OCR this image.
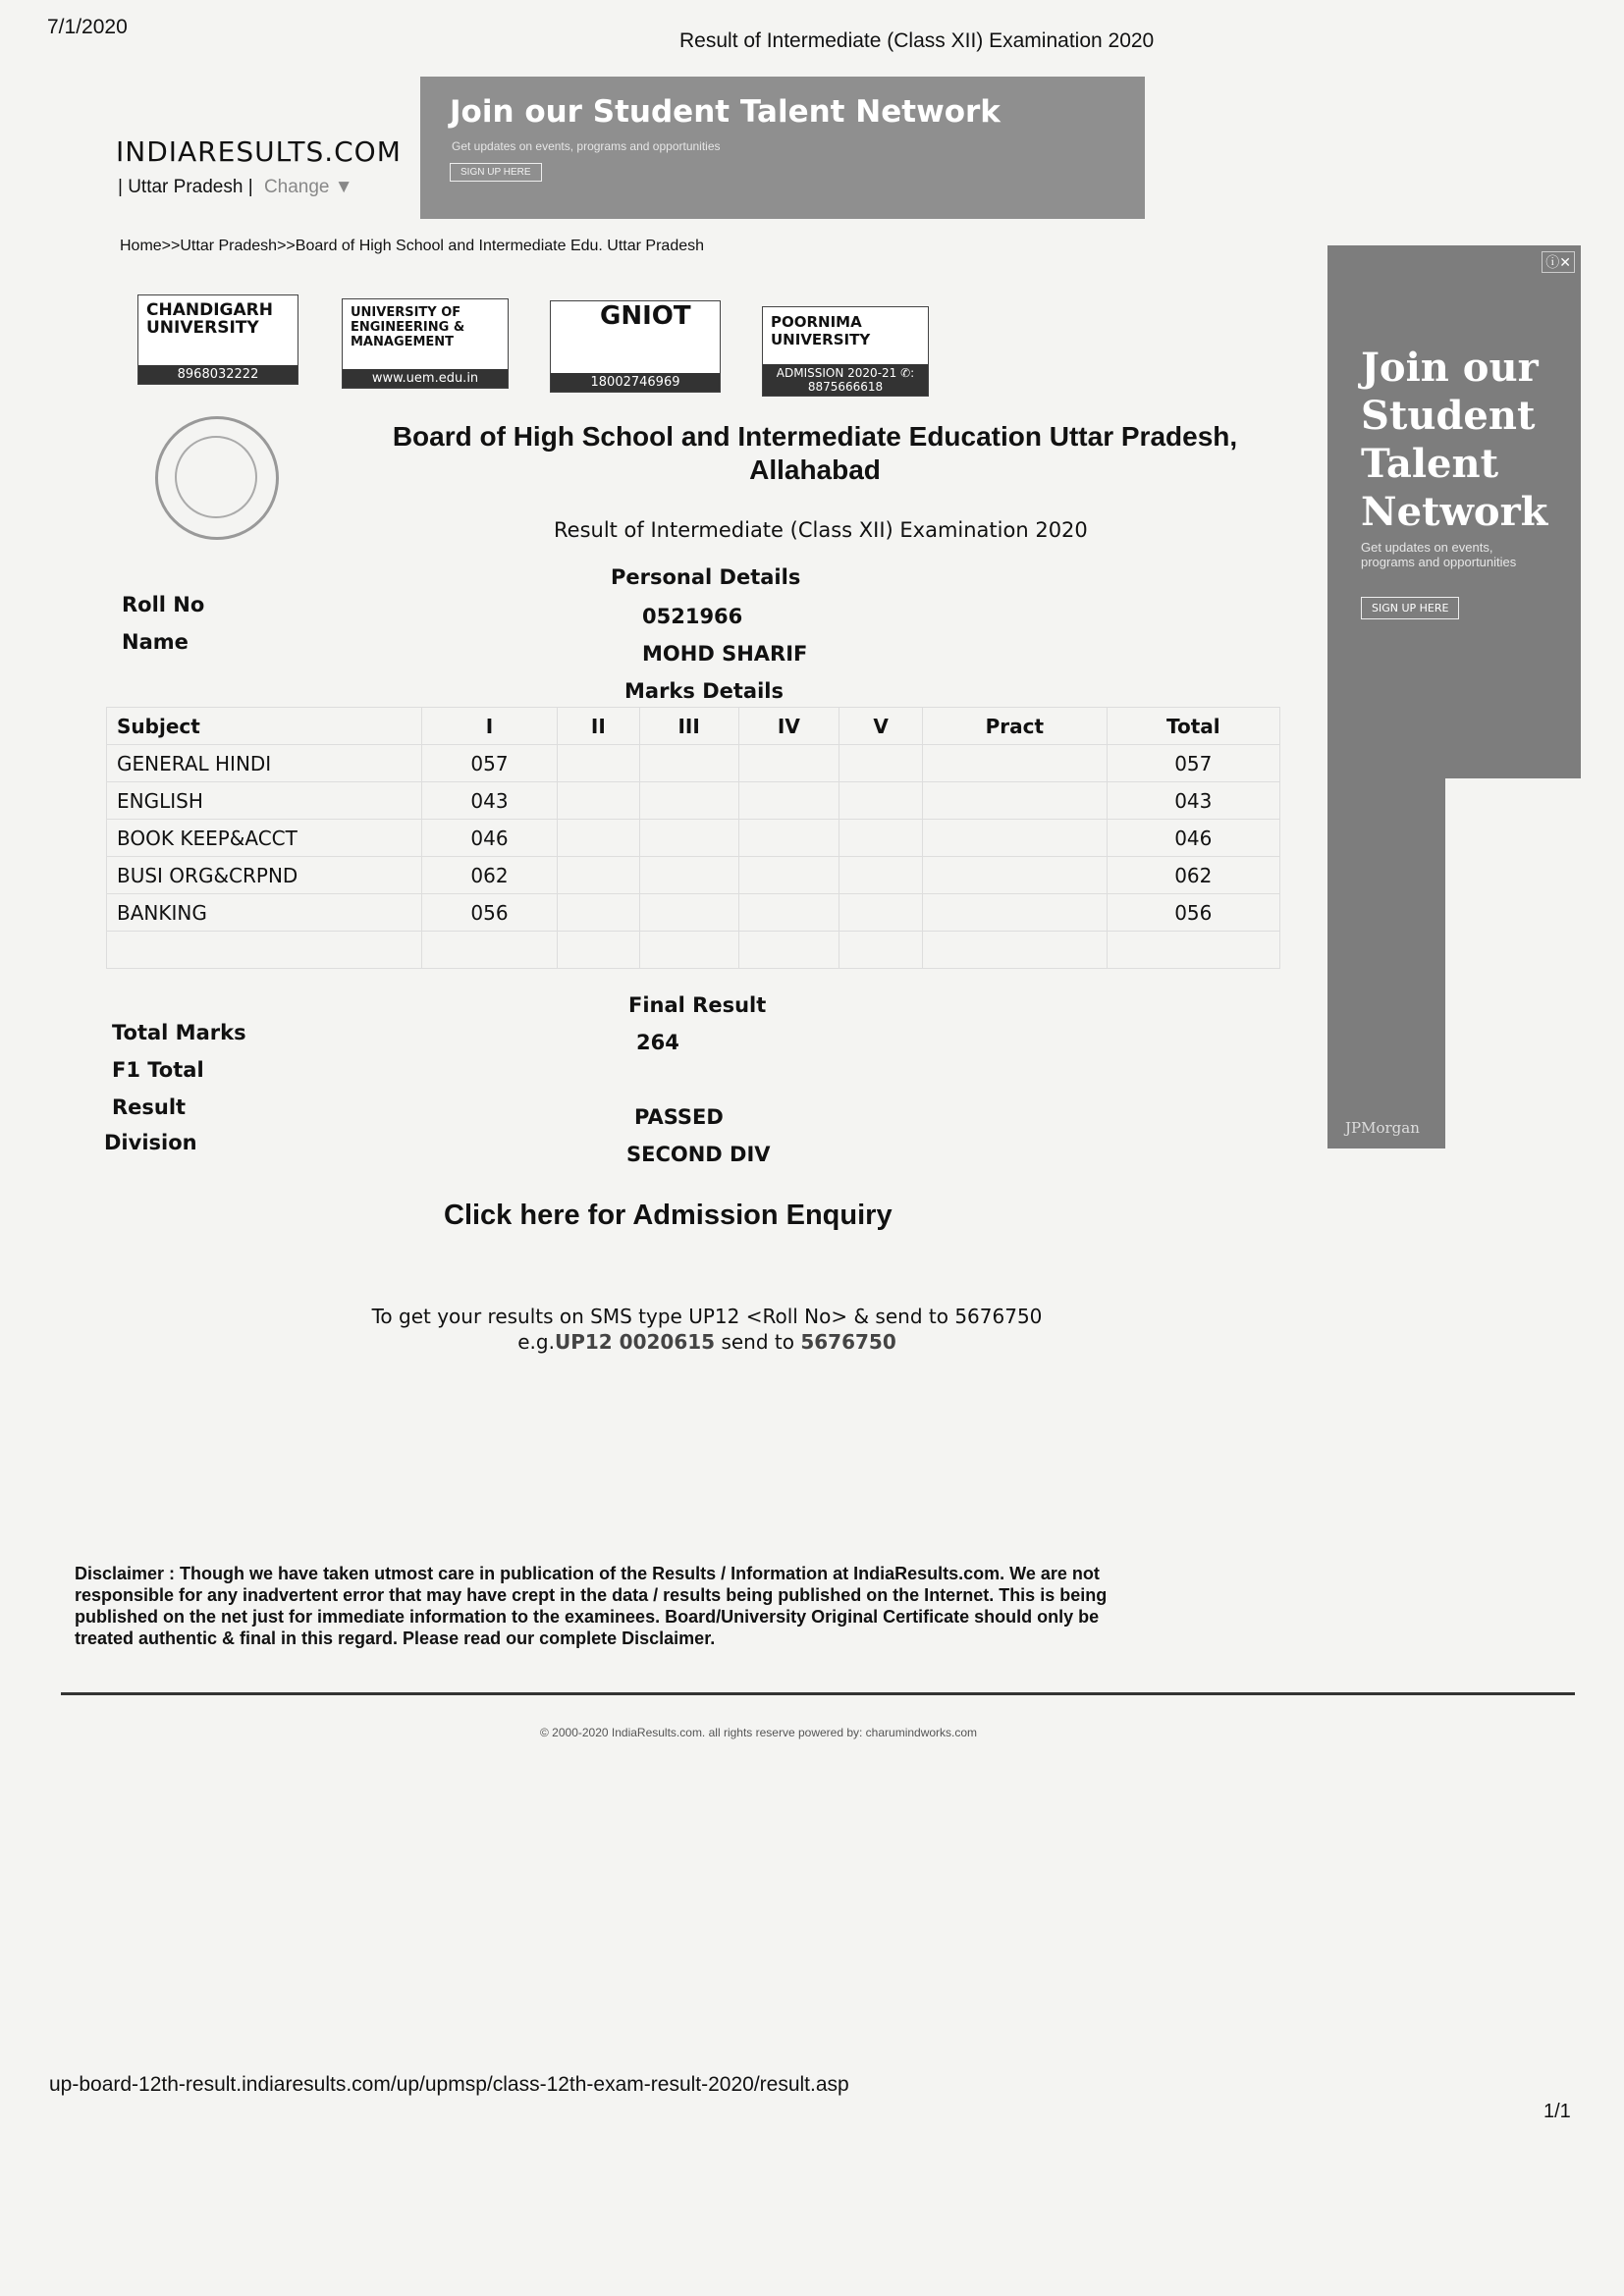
7/1/2020
Result of Intermediate (Class XII) Examination 2020
Join our Student Talent Network
Get updates on events, programs and opportunities
SIGN UP HERE
INDIARESULTS.COM
| Uttar Pradesh | Change ▼
Home>>Uttar Pradesh>>Board of High School and Intermediate Edu. Uttar Pradesh
CHANDIGARH UNIVERSITY
8968032222
UNIVERSITY OF ENGINEERING & MANAGEMENT
www.uem.edu.in
GNIOT
18002746969
POORNIMA UNIVERSITY
ADMISSION 2020-21 ✆: 8875666618
Board of High School and Intermediate Education Uttar Pradesh, Allahabad
Result of Intermediate (Class XII) Examination 2020
Personal Details
Roll No	0521966
Name	MOHD SHARIF
Marks Details
Subject	I	II	III	IV	V	Pract	Total
GENERAL HINDI	057						057
ENGLISH	043						043
BOOK KEEP&ACCT	046						046
BUSI ORG&CRPND	062						062
BANKING	056						056

Final Result
Total Marks	264
F1 Total
Result	PASSED
Division	SECOND DIV
Click here for Admission Enquiry
To get your results on SMS type UP12 <Roll No> & send to 5676750
e.g.UP12 0020615 send to 5676750
Disclaimer : Though we have taken utmost care in publication of the Results / Information at IndiaResults.com. We are not responsible for any inadvertent error that may have crept in the data / results being published on the Internet. This is being published on the net just for immediate information to the examinees. Board/University Original Certificate should only be treated authentic & final in this regard. Please read our complete Disclaimer.
© 2000-2020 IndiaResults.com. all rights reserve powered by: charumindworks.com
ⓘ✕
Join our
Student
Talent
Network
Get updates on events, programs and opportunities
SIGN UP HERE
JPMorgan
up-board-12th-result.indiaresults.com/up/upmsp/class-12th-exam-result-2020/result.asp
1/1
